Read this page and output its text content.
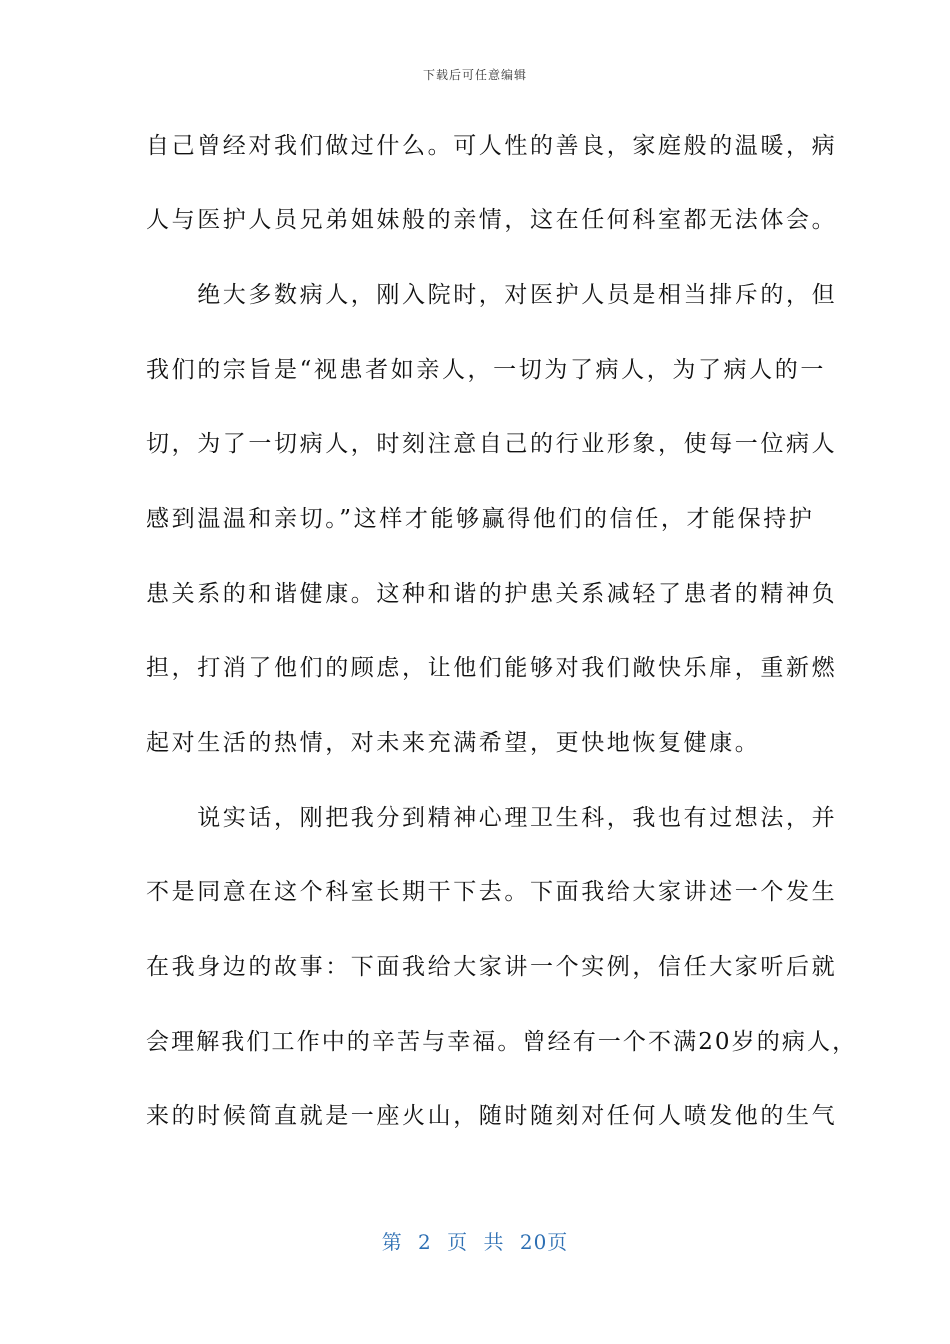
下载后可任意编辑
自己曾经对我们做过什么。可人性的善良，家庭般的温暖，病
人与医护人员兄弟姐妹般的亲情，这在任何科室都无法体会。
　　绝大多数病人，刚入院时，对医护人员是相当排斥的，但
我们的宗旨是“视患者如亲人，一切为了病人，为了病人的一
切，为了一切病人，时刻注意自己的行业形象，使每一位病人
感到温温和亲切。”这样才能够赢得他们的信任，才能保持护
患关系的和谐健康。这种和谐的护患关系减轻了患者的精神负
担，打消了他们的顾虑，让他们能够对我们敞快乐扉，重新燃
起对生活的热情，对未来充满希望，更快地恢复健康。
　　说实话，刚把我分到精神心理卫生科，我也有过想法，并
不是同意在这个科室长期干下去。下面我给大家讲述一个发生
在我身边的故事：下面我给大家讲一个实例，信任大家听后就
会理解我们工作中的辛苦与幸福。曾经有一个不满20岁的病人，
来的时候简直就是一座火山，随时随刻对任何人喷发他的生气
第 2 页 共 20页
